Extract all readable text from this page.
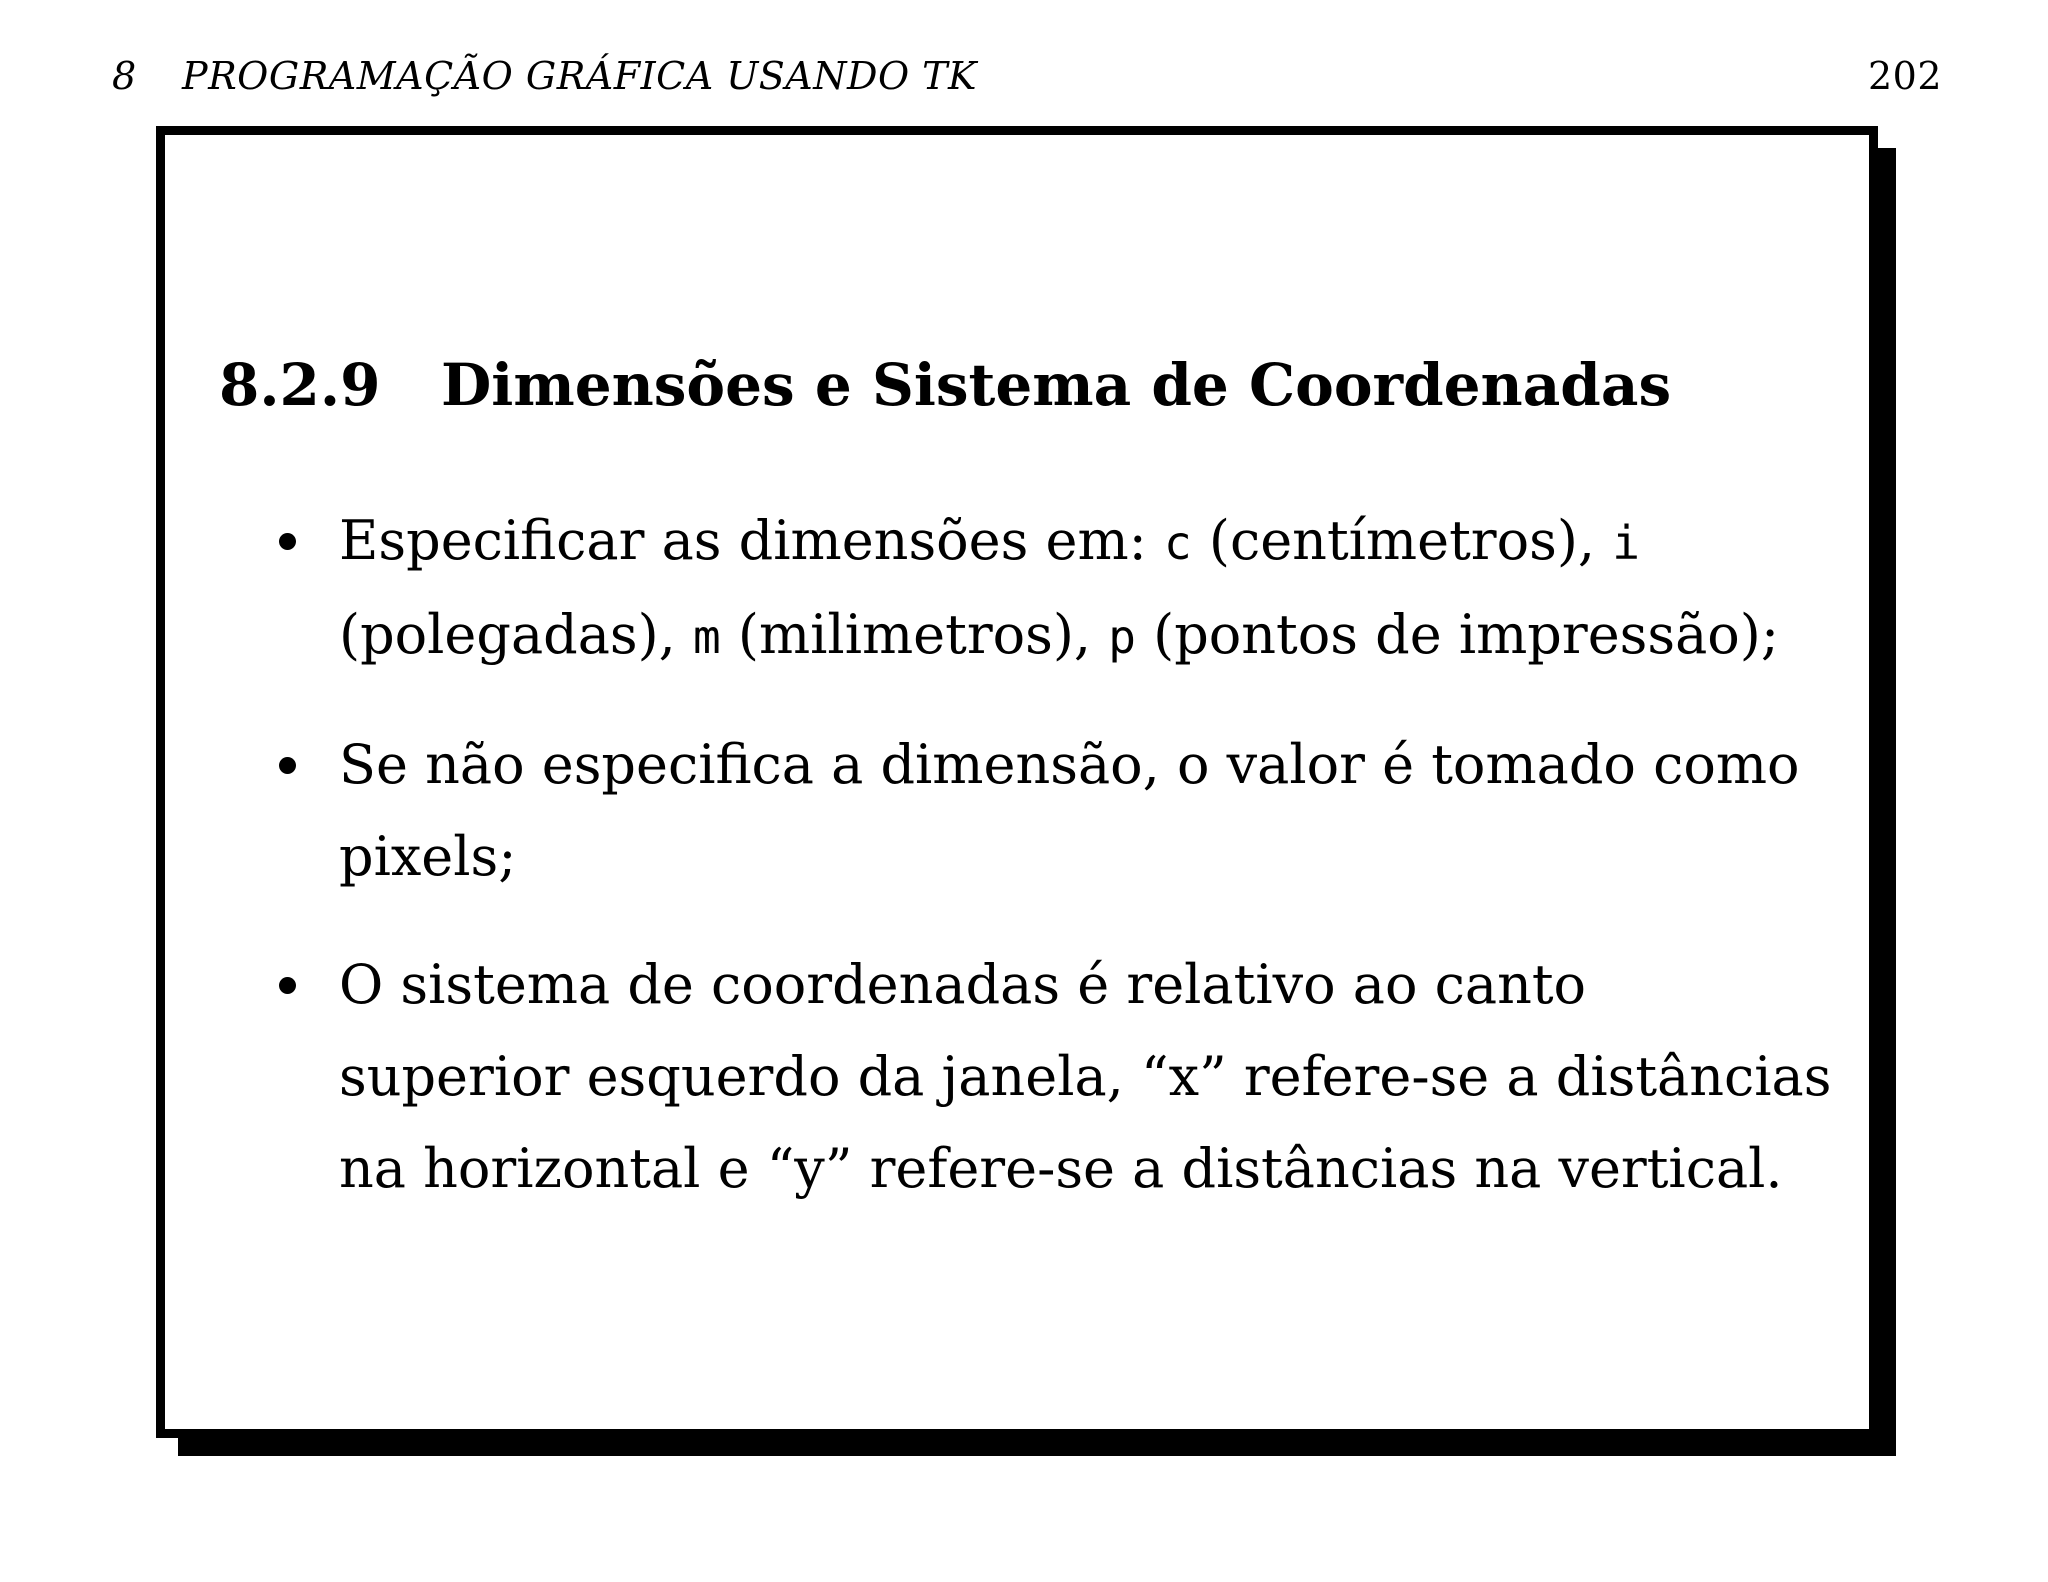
8 PROGRAMAÇÃO GRÁFICA USANDO TK	202
8.2.9 Dimensões e Sistema de Coordenadas
Especificar as dimensões em: c (centímetros), i
(polegadas), m (milimetros), p (pontos de impressão);
Se não especifica a dimensão, o valor é tomado como
pixels;
O sistema de coordenadas é relativo ao canto
superior esquerdo da janela, “x” refere-se a distâncias
na horizontal e “y” refere-se a distâncias na vertical.
